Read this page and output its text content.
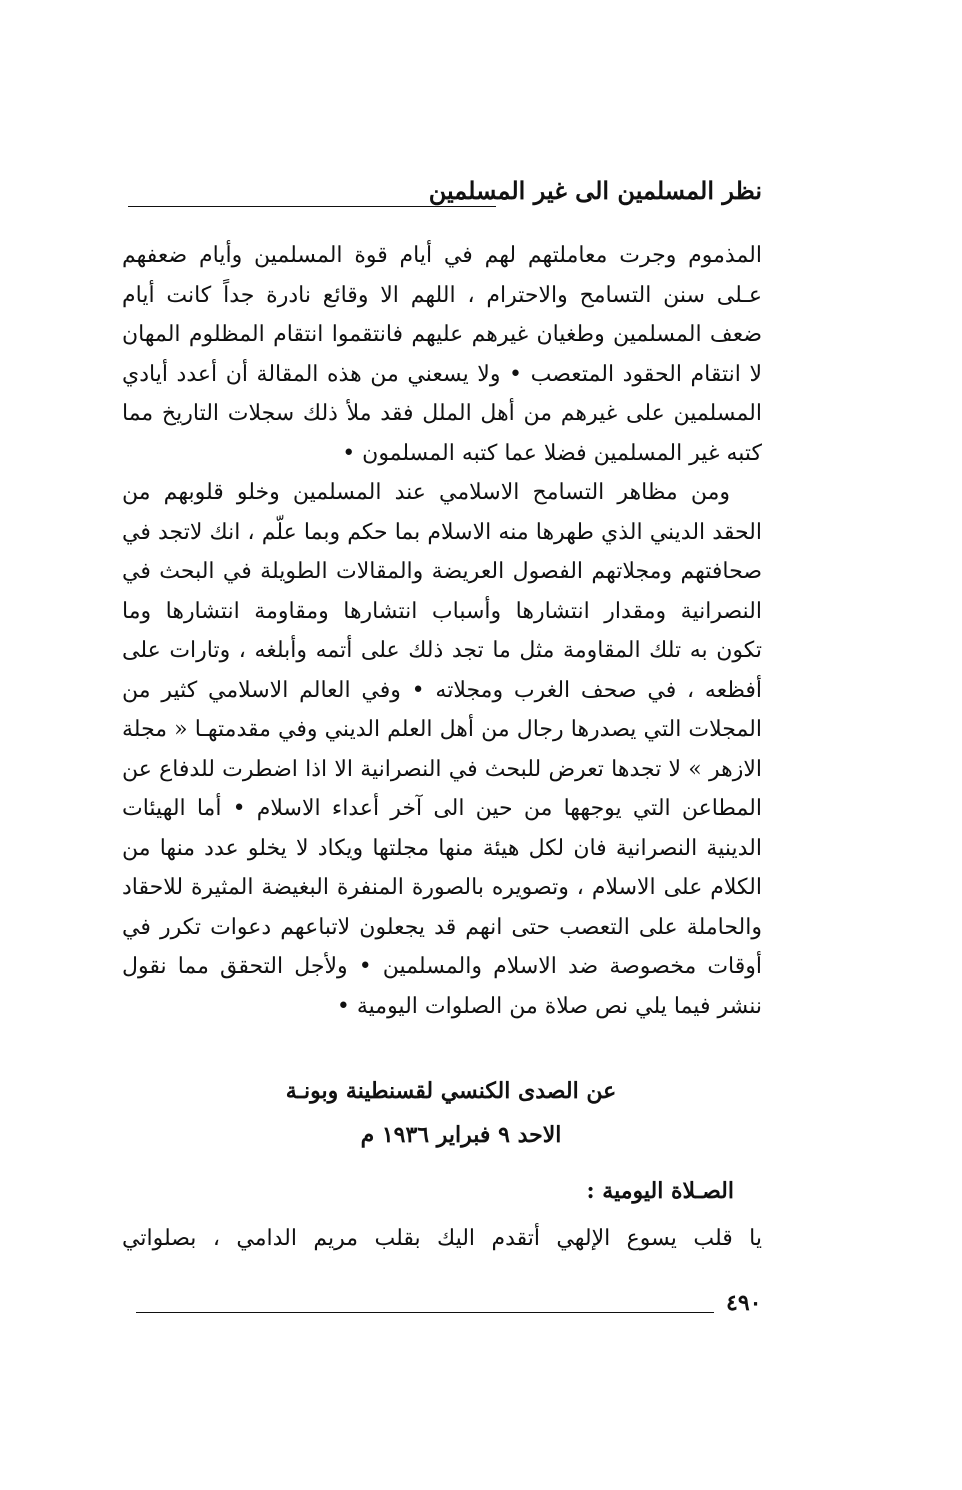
نظر المسلمين الى غير المسلمين

المذموم وجرت معاملتهم لهم في أيام قوة المسلمين وأيام ضعفهم عـلى سنن التسامح والاحترام ، اللهم الا وقائع نادرة جداً كانت أيام ضعف المسلمين وطغيان غيرهم عليهم فانتقموا انتقام المظلوم المهان لا انتقام الحقود المتعصب • ولا يسعني من هذه المقالة أن أعدد أيادي المسلمين على غيرهم من أهل الملل فقد ملأ ذلك سجلات التاريخ مما كتبه غير المسلمين فضلا عما كتبه المسلمون •

ومن مظاهر التسامح الاسلامي عند المسلمين وخلو قلوبهم من الحقد الديني الذي طهرها منه الاسلام بما حكم وبما علّم ، انك لاتجد في صحافتهم ومجلاتهم الفصول العريضة والمقالات الطويلة في البحث في النصرانية ومقدار انتشارها وأسباب انتشارها ومقاومة انتشارها وما تكون به تلك المقاومة مثل ما تجد ذلك على أتمه وأبلغه ، وتارات على أفظعه ، في صحف الغرب ومجلاته • وفي العالم الاسلامي كثير من المجلات التي يصدرها رجال من أهل العلم الديني وفي مقدمتهـا « مجلة الازهر » لا تجدها تعرض للبحث في النصرانية الا اذا اضطرت للدفاع عن المطاعن التي يوجهها من حين الى آخر أعداء الاسلام • أما الهيئات الدينية النصرانية فان لكل هيئة منها مجلتها ويكاد لا يخلو عدد منها من الكلام على الاسلام ، وتصويره بالصورة المنفرة البغيضة المثيرة للاحقاد والحاملة على التعصب حتى انهم قد يجعلون لاتباعهم دعوات تكرر في أوقات مخصوصة ضد الاسلام والمسلمين • ولأجل التحقق مما نقول ننشر فيما يلي نص صلاة من الصلوات اليومية •

عن الصدى الكنسي لقسنطينة وبونـة
الاحد ٩ فبراير ١٩٣٦ م
الصـلاة اليومية :
يا قلب يسوع الإلهي أتقدم اليك بقلب مريم الدامي ، بصلواتي
٤٩٠
